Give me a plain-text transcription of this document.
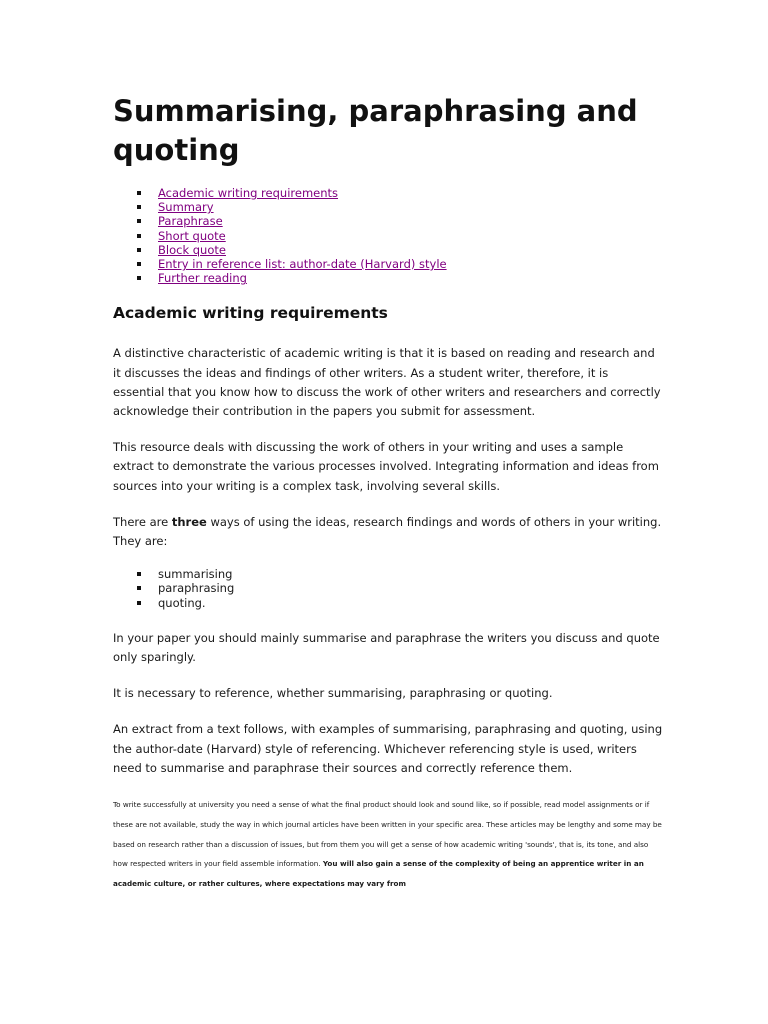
Summarising, paraphrasing and quoting
Academic writing requirements
Summary
Paraphrase
Short quote
Block quote
Entry in reference list: author-date (Harvard) style
Further reading
Academic writing requirements

A distinctive characteristic of academic writing is that it is based on reading and research and it discusses the ideas and findings of other writers. As a student writer, therefore, it is essential that you know how to discuss the work of other writers and researchers and correctly acknowledge their contribution in the papers you submit for assessment.

This resource deals with discussing the work of others in your writing and uses a sample extract to demonstrate the various processes involved. Integrating information and ideas from sources into your writing is a complex task, involving several skills.

There are three ways of using the ideas, research findings and words of others in your writing. They are:

summarising
paraphrasing
quoting.

In your paper you should mainly summarise and paraphrase the writers you discuss and quote only sparingly.

It is necessary to reference, whether summarising, paraphrasing or quoting.

An extract from a text follows, with examples of summarising, paraphrasing and quoting, using the author-date (Harvard) style of referencing. Whichever referencing style is used, writers need to summarise and paraphrase their sources and correctly reference them.

To write successfully at university you need a sense of what the final product should look and sound like, so if possible, read model assignments or if these are not available, study the way in which journal articles have been written in your specific area. These articles may be lengthy and some may be based on research rather than a discussion of issues, but from them you will get a sense of how academic writing 'sounds', that is, its tone, and also how respected writers in your field assemble information. You will also gain a sense of the complexity of being an apprentice writer in an academic culture, or rather cultures, where expectations may vary from
